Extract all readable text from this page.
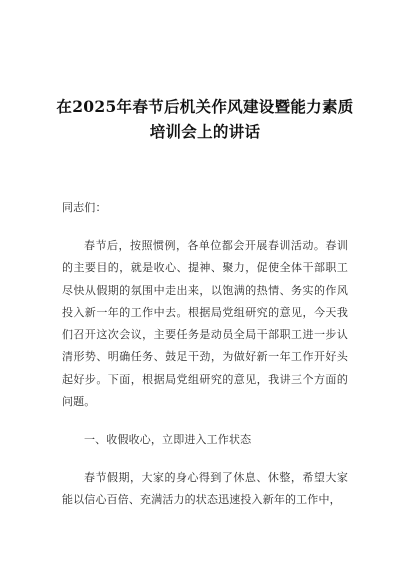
在2025年春节后机关作风建设暨能力素质
培训会上的讲话
同志们：
春节后，按照惯例，各单位都会开展春训活动。春训的主要目的，就是收心、提神、聚力，促使全体干部职工尽快从假期的氛围中走出来，以饱满的热情、务实的作风投入新一年的工作中去。根据局党组研究的意见，今天我们召开这次会议，主要任务是动员全局干部职工进一步认清形势、明确任务、鼓足干劲，为做好新一年工作开好头起好步。下面，根据局党组研究的意见，我讲三个方面的问题。
一、收假收心，立即进入工作状态
春节假期，大家的身心得到了休息、休整，希望大家能以信心百倍、充满活力的状态迅速投入新年的工作中，
